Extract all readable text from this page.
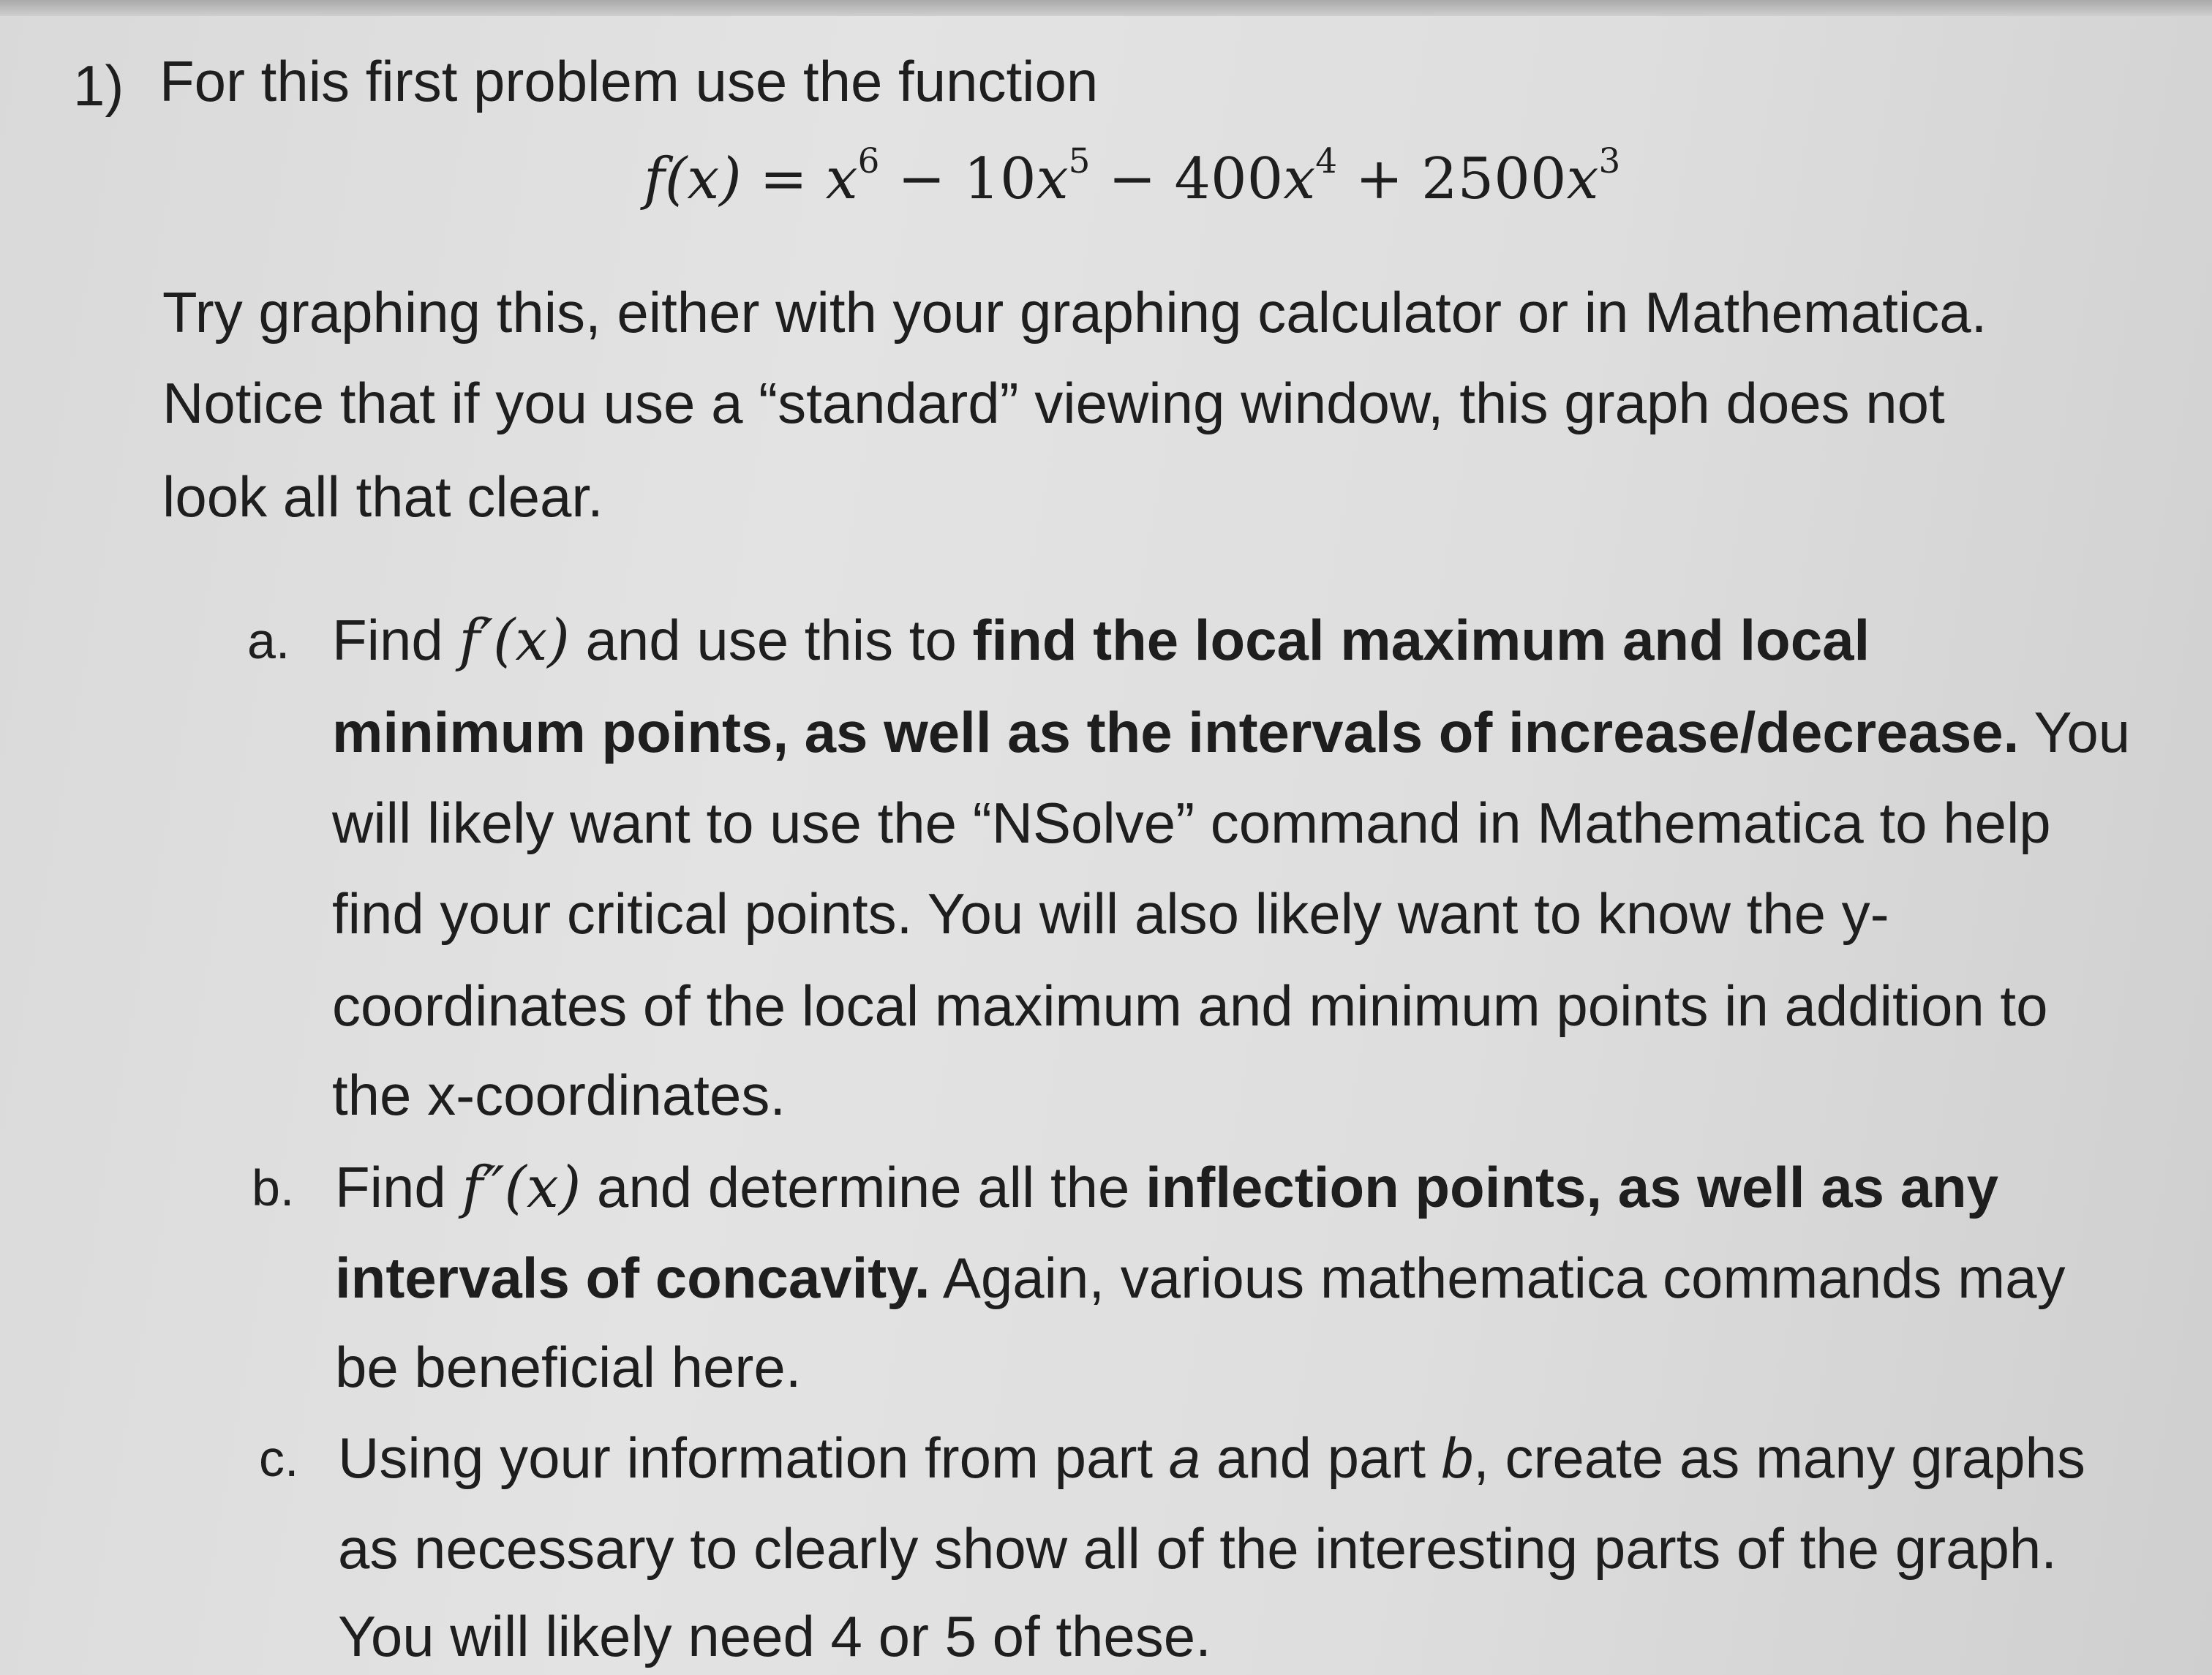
1) For this first problem use the function
$f(x) = x^6 - 10x^5 - 400x^4 + 2500x^3$
Try graphing this, either with your graphing calculator or in Mathematica.
Notice that if you use a “standard” viewing window, this graph does not
look all that clear.
a. Find f′(x) and use this to find the local maximum and local
minimum points, as well as the intervals of increase/decrease. You
will likely want to use the “NSolve” command in Mathematica to help
find your critical points. You will also likely want to know the y-
coordinates of the local maximum and minimum points in addition to
the x-coordinates.
b. Find f″(x) and determine all the inflection points, as well as any
intervals of concavity. Again, various mathematica commands may
be beneficial here.
c. Using your information from part a and part b, create as many graphs
as necessary to clearly show all of the interesting parts of the graph.
You will likely need 4 or 5 of these.
